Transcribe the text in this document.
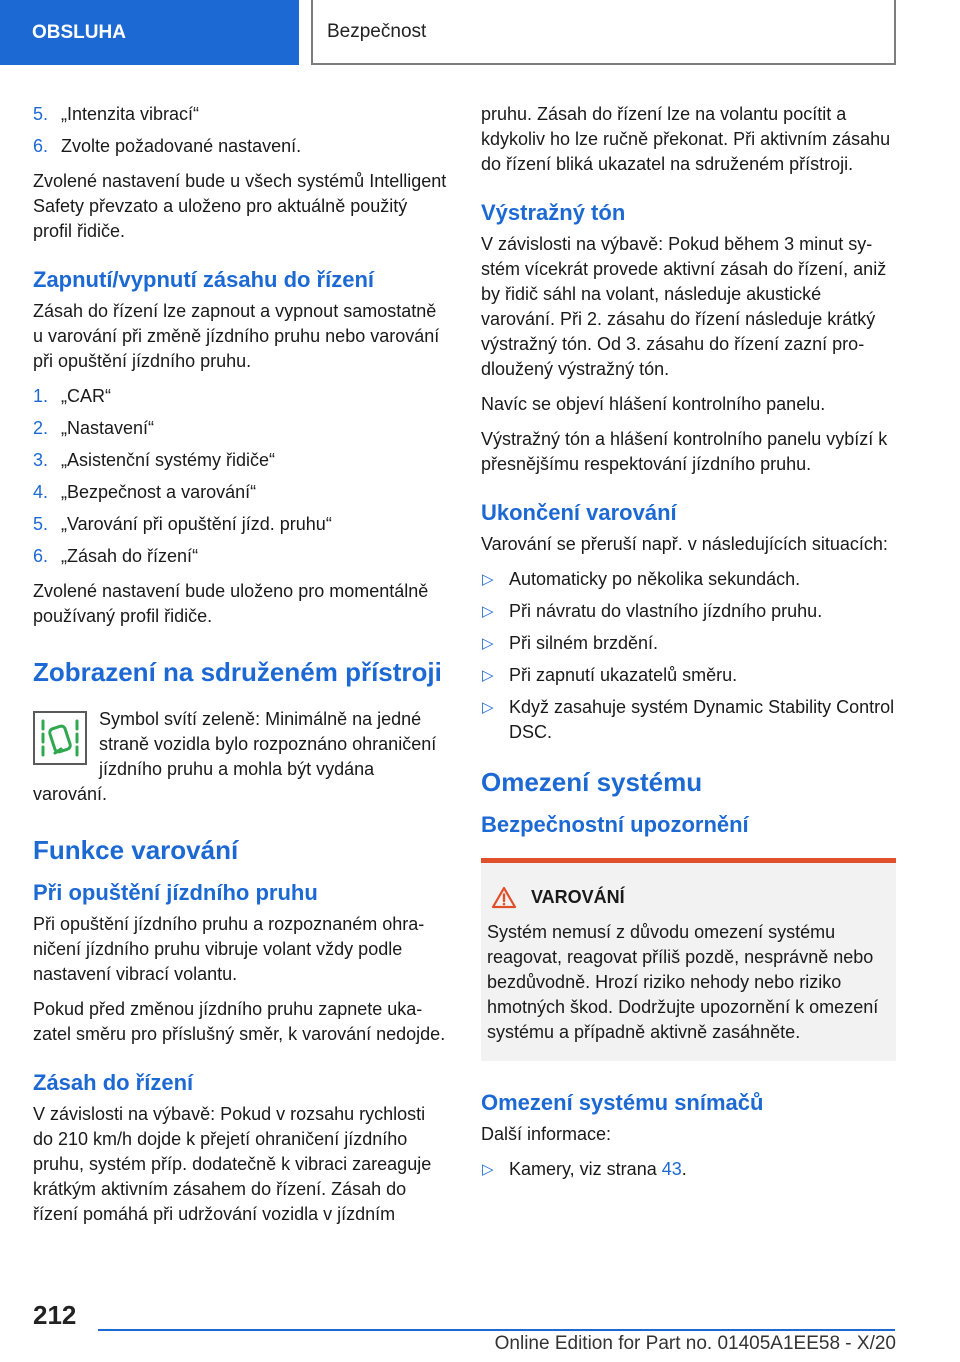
OBSLUHA	Bezpečnost
5. „Intenzita vibrací“
6. Zvolte požadované nastavení.

Zvolené nastavení bude u všech systémů Intelligent Safety převzato a uloženo pro aktuálně použitý profil řidiče.

Zapnutí/vypnutí zásahu do řízení

Zásah do řízení lze zapnout a vypnout samostatně u varování při změně jízdního pruhu nebo varování při opuštění jízdního pruhu.

1. „CAR“
2. „Nastavení“
3. „Asistenční systémy řidiče“
4. „Bezpečnost a varování“
5. „Varování při opuštění jízd. pruhu“
6. „Zásah do řízení“

Zvolené nastavení bude uloženo pro momentálně používaný profil řidiče.

Zobrazení na sdruženém přístroji
Symbol svítí zeleně: Minimálně na jedné straně vozidla bylo rozpoznáno ohraničení jízdního pruhu a mohla být vydána varování.
Funkce varování
Při opuštění jízdního pruhu

Při opuštění jízdního pruhu a rozpoznaném ohraničení jízdního pruhu vibruje volant vždy podle nastavení vibrací volantu.

Pokud před změnou jízdního pruhu zapnete ukazatel směru pro příslušný směr, k varování nedojde.

Zásah do řízení

V závislosti na výbavě: Pokud v rozsahu rychlosti do 210 km/h dojde k přejetí ohraničení jízdního pruhu, systém příp. dodatečně k vibraci zareaguje krátkým aktivním zásahem do řízení. Zásah do řízení pomáhá při udržování vozidla v jízdním

pruhu. Zásah do řízení lze na volantu pocítit a kdykoliv ho lze ručně překonat. Při aktivním zásahu do řízení bliká ukazatel na sdruženém přístroji.

Výstražný tón

V závislosti na výbavě: Pokud během 3 minut systém vícekrát provede aktivní zásah do řízení, aniž by řidič sáhl na volant, následuje akustické varování. Při 2. zásahu do řízení následuje krátký výstražný tón. Od 3. zásahu do řízení zazní prodloužený výstražný tón.

Navíc se objeví hlášení kontrolního panelu.

Výstražný tón a hlášení kontrolního panelu vybízí k přesnějšímu respektování jízdního pruhu.

Ukončení varování

Varování se přeruší např. v následujících situacích:

▷ Automaticky po několika sekundách.
▷ Při návratu do vlastního jízdního pruhu.
▷ Při silném brzdění.
▷ Při zapnutí ukazatelů směru.
▷ Když zasahuje systém Dynamic Stability Control DSC.
Omezení systému
Bezpečnostní upozornění
VAROVÁNÍ
Systém nemusí z důvodu omezení systému reagovat, reagovat příliš pozdě, nesprávně nebo bezdůvodně. Hrozí riziko nehody nebo riziko hmotných škod. Dodržujte upozornění k omezení systému a případně aktivně zasáhněte.
Omezení systému snímačů

Další informace:

▷ Kamery, viz strana 43.
212
Online Edition for Part no. 01405A1EE58 - X/20
